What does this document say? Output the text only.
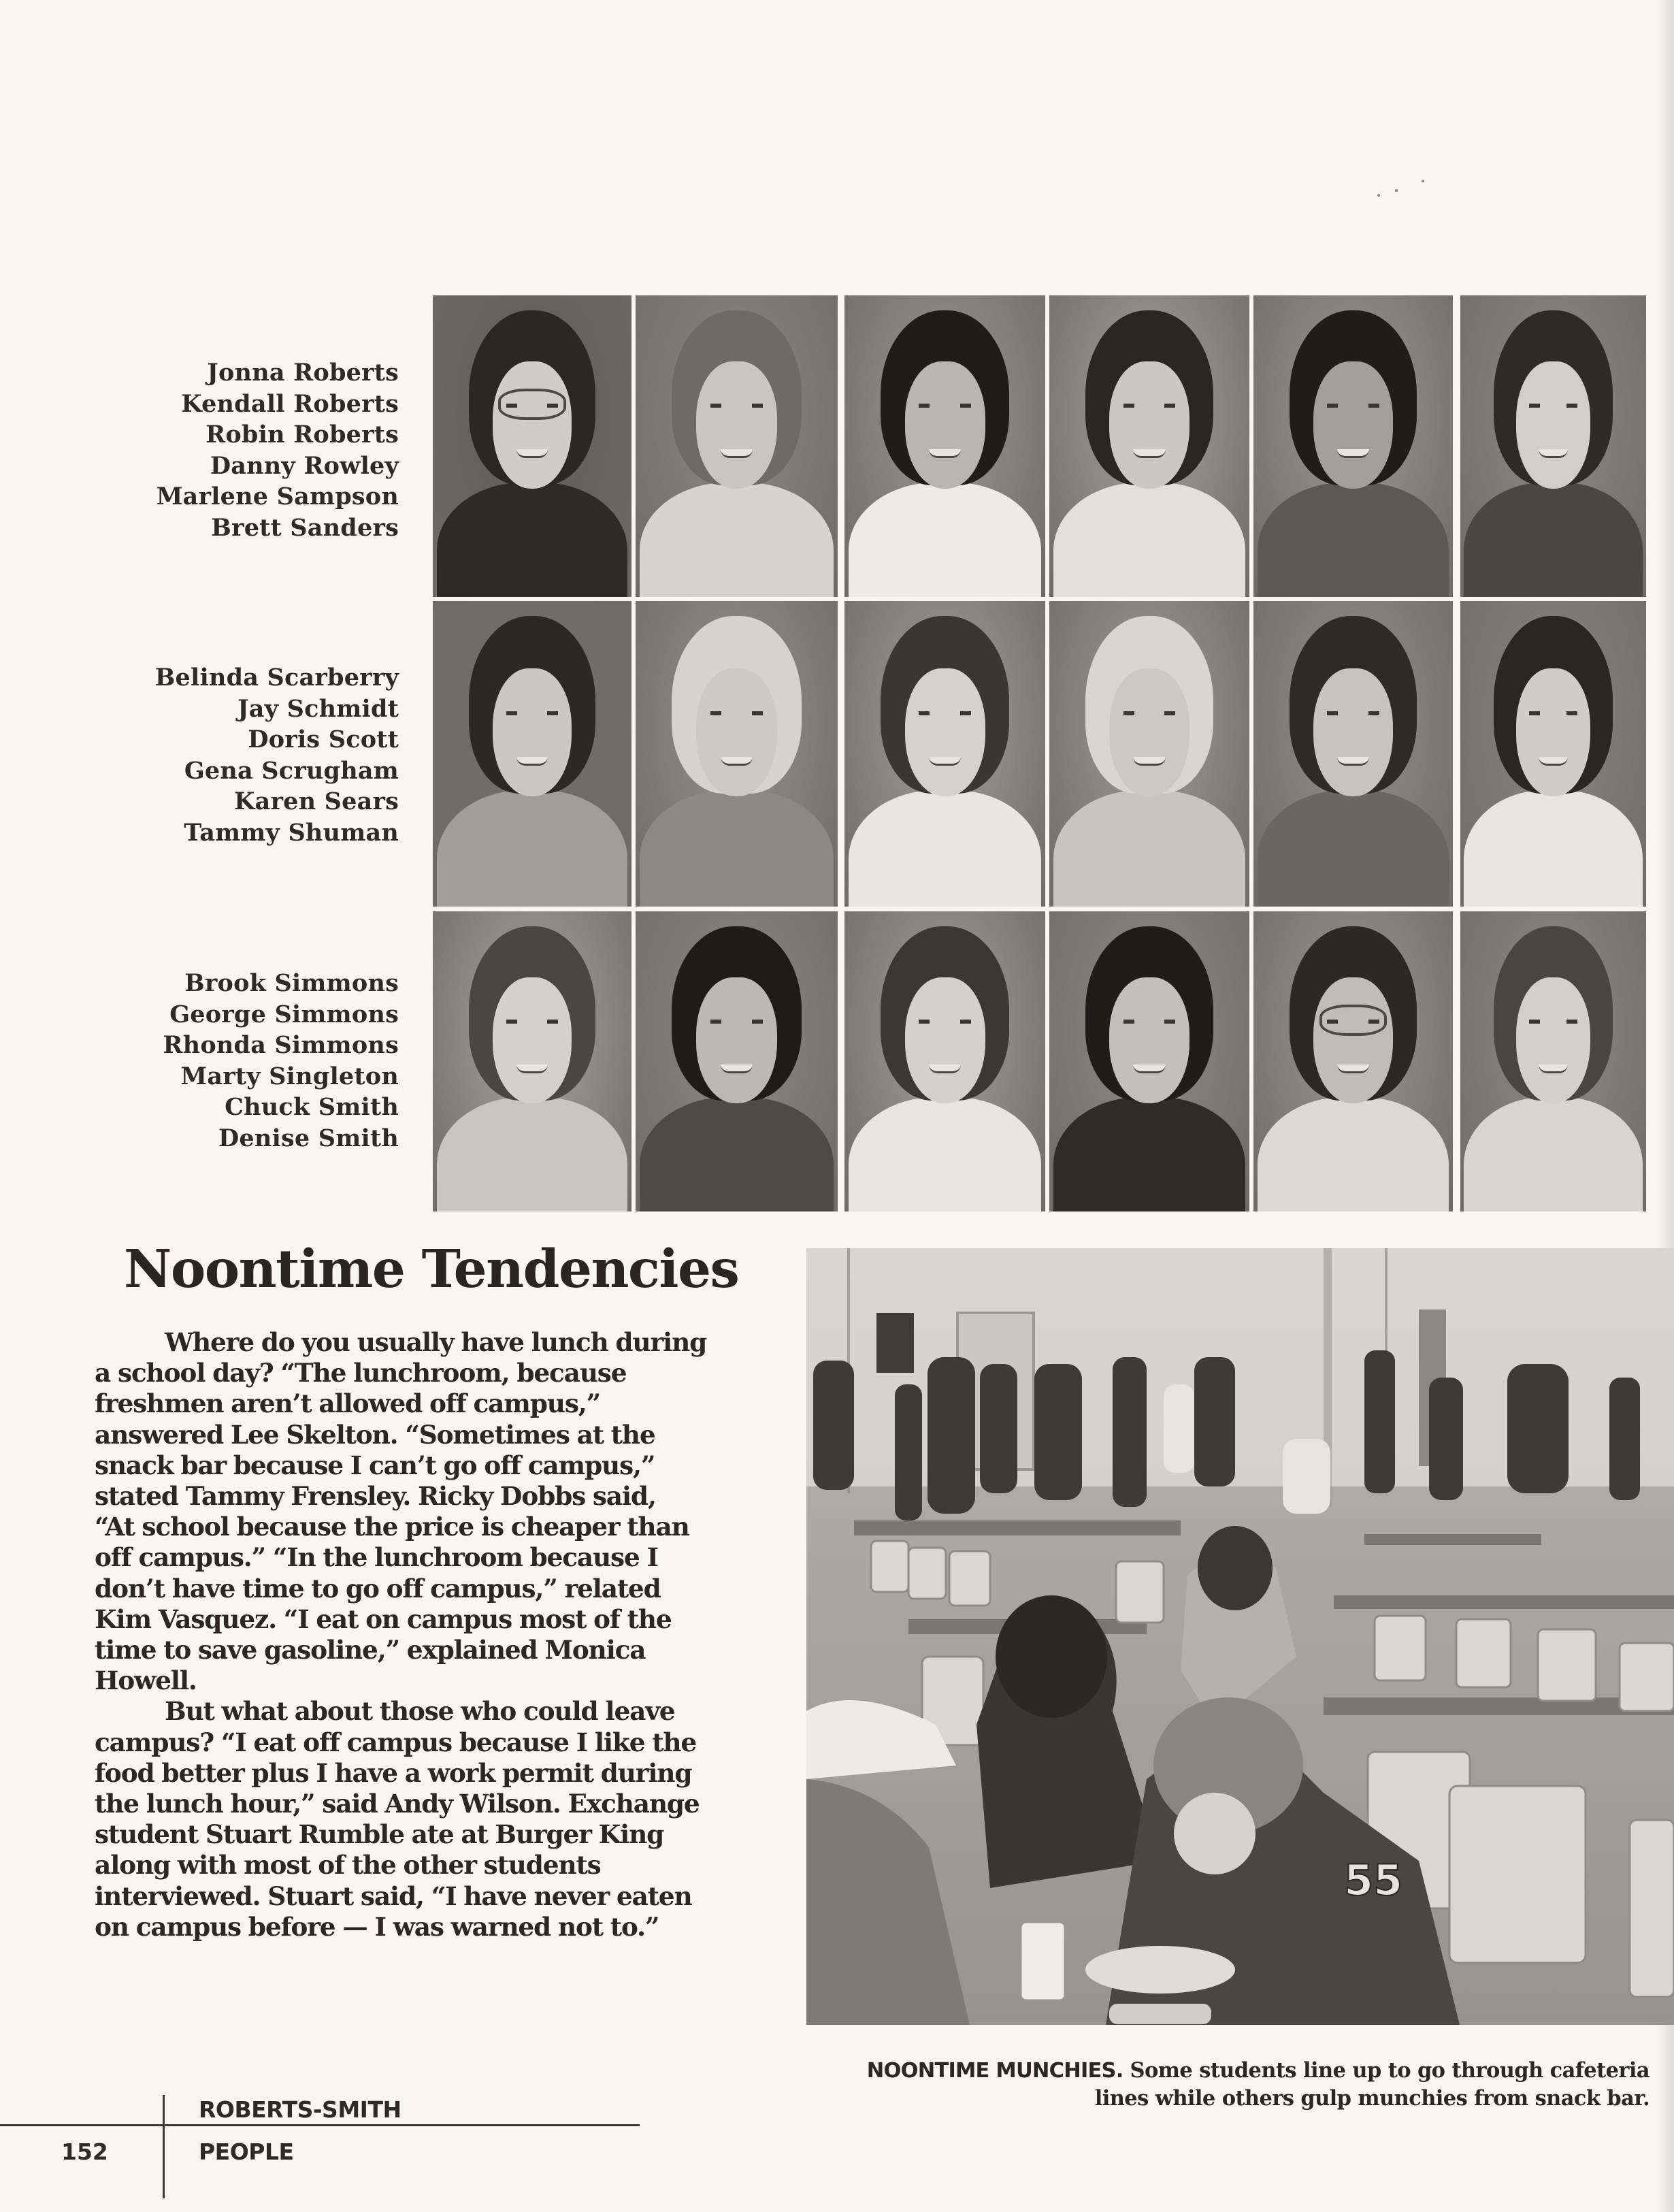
Jonna Roberts
Kendall Roberts
Robin Roberts
Danny Rowley
Marlene Sampson
Brett Sanders
Belinda Scarberry
Jay Schmidt
Doris Scott
Gena Scrugham
Karen Sears
Tammy Shuman
Brook Simmons
George Simmons
Rhonda Simmons
Marty Singleton
Chuck Smith
Denise Smith
Noontime Tendencies

Where do you usually have lunch during
a school day? “The lunchroom, because
freshmen aren’t allowed off campus,”
answered Lee Skelton. “Sometimes at the
snack bar because I can’t go off campus,”
stated Tammy Frensley. Ricky Dobbs said,
“At school because the price is cheaper than
off campus.” “In the lunchroom because I
don’t have time to go off campus,” related
Kim Vasquez. “I eat on campus most of the
time to save gasoline,” explained Monica
Howell.

But what about those who could leave
campus? “I eat off campus because I like the
food better plus I have a work permit during
the lunch hour,” said Andy Wilson. Exchange
student Stuart Rumble ate at Burger King
along with most of the other students
interviewed. Stuart said, “I have never eaten
on campus before — I was warned not to.”

55
NOONTIME MUNCHIES. Some students line up to go through cafeteria
lines while others gulp munchies from snack bar.
ROBERTS-SMITH
152	PEOPLE
